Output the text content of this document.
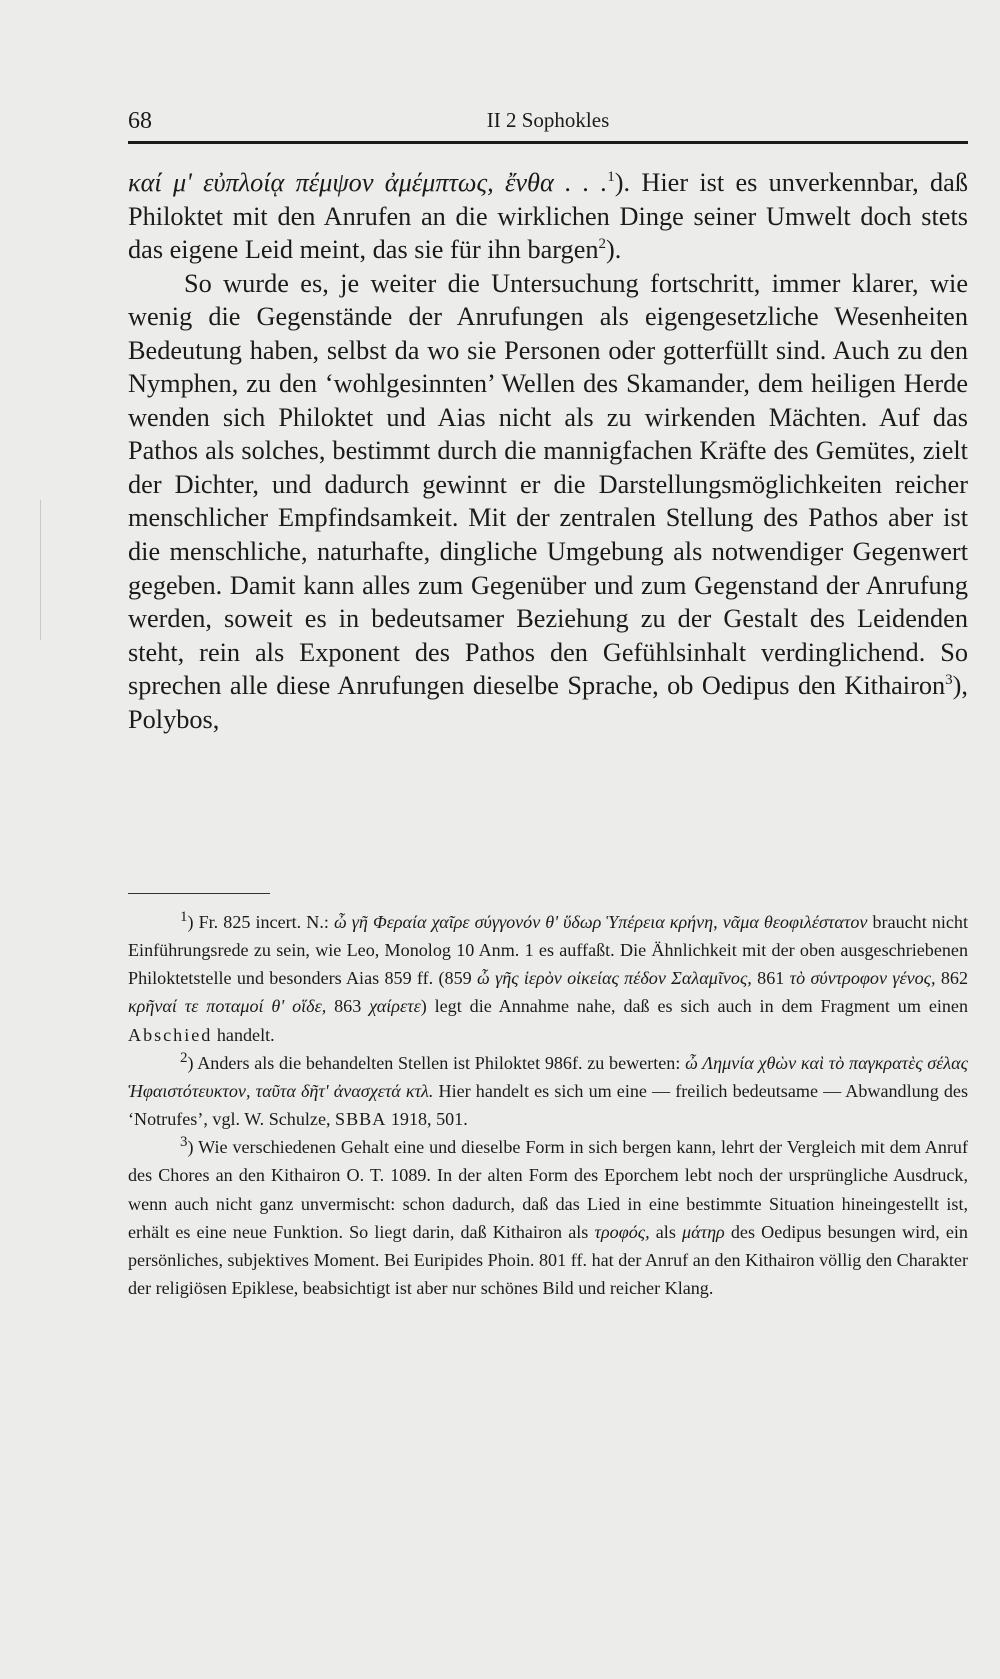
68	II 2 Sophokles

καί μ' εὐπλοίᾳ πέμψον ἀμέμπτως, ἔνθα . . .$^1$). Hier ist es unverkennbar, daß Philoktet mit den Anrufen an die wirklichen Dinge seiner Umwelt doch stets das eigene Leid meint, das sie für ihn bargen$^2$).

So wurde es, je weiter die Untersuchung fortschritt, immer klarer, wie wenig die Gegenstände der Anrufungen als eigengesetzliche Wesenheiten Bedeutung haben, selbst da wo sie Personen oder gotterfüllt sind. Auch zu den Nymphen, zu den ‘wohlgesinnten’ Wellen des Skamander, dem heiligen Herde wenden sich Philoktet und Aias nicht als zu wirkenden Mächten. Auf das Pathos als solches, bestimmt durch die mannigfachen Kräfte des Gemütes, zielt der Dichter, und dadurch gewinnt er die Darstellungsmöglichkeiten reicher menschlicher Empfindsamkeit. Mit der zentralen Stellung des Pathos aber ist die menschliche, naturhafte, dingliche Umgebung als notwendiger Gegenwert gegeben. Damit kann alles zum Gegenüber und zum Gegenstand der Anrufung werden, soweit es in bedeutsamer Beziehung zu der Gestalt des Leidenden steht, rein als Exponent des Pathos den Gefühlsinhalt verdinglichend. So sprechen alle diese Anrufungen dieselbe Sprache, ob Oedipus den Kithairon$^3$), Polybos,

$^1$) Fr. 825 incert. N.: ὦ γῆ Φεραία χαῖρε σύγγονόν θ' ὕδωρ Ὑπέρεια κρήνη, νᾶμα θεοφιλέστατον braucht nicht Einführungsrede zu sein, wie Leo, Monolog 10 Anm. 1 es auffaßt. Die Ähnlichkeit mit der oben ausgeschriebenen Philoktetstelle und besonders Aias 859 ff. (859 ὦ γῆς ἱερὸν οἰκείας πέδον Σαλαμῖνος, 861 τὸ σύντροφον γένος, 862 κρῆναί τε ποταμοί θ' οἵδε, 863 χαίρετε) legt die Annahme nahe, daß es sich auch in dem Fragment um einen Abschied handelt.

$^2$) Anders als die behandelten Stellen ist Philoktet 986f. zu bewerten: ὦ Λημνία χθὼν καὶ τὸ παγκρατὲς σέλας Ἡφαιστότευκτον, ταῦτα δῆτ' ἀνασχετά κτλ. Hier handelt es sich um eine — freilich bedeutsame — Abwandlung des ‘Notrufes’, vgl. W. Schulze, SBBA 1918, 501.

$^3$) Wie verschiedenen Gehalt eine und dieselbe Form in sich bergen kann, lehrt der Vergleich mit dem Anruf des Chores an den Kithairon O. T. 1089. In der alten Form des Eporchem lebt noch der ursprüngliche Ausdruck, wenn auch nicht ganz unvermischt: schon dadurch, daß das Lied in eine bestimmte Situation hineingestellt ist, erhält es eine neue Funktion. So liegt darin, daß Kithairon als τροφός, als μάτηρ des Oedipus besungen wird, ein persönliches, subjektives Moment. Bei Euripides Phoin. 801 ff. hat der Anruf an den Kithairon völlig den Charakter der religiösen Epiklese, beabsichtigt ist aber nur schönes Bild und reicher Klang.
